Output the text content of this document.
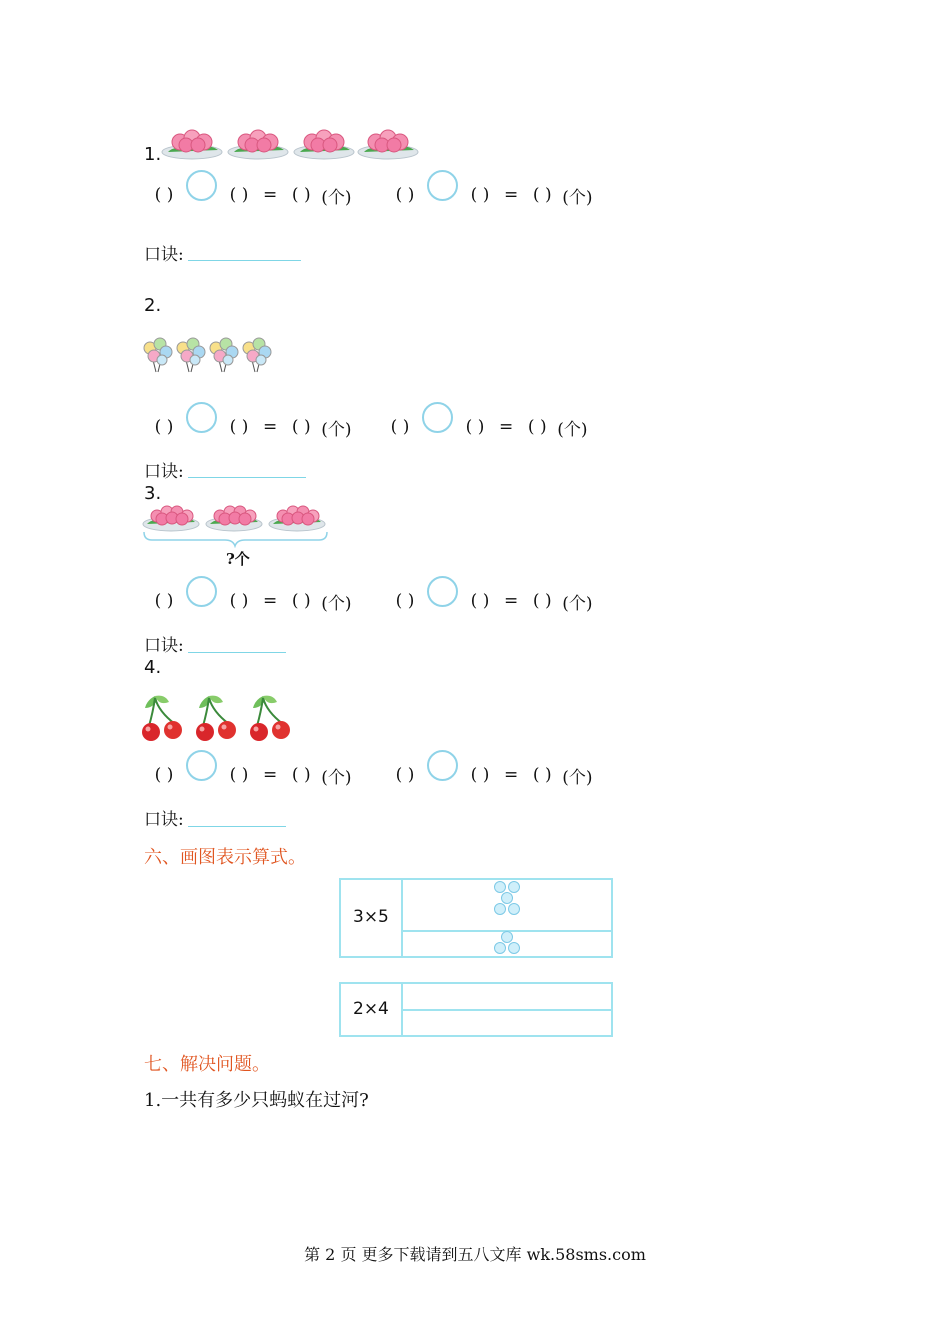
1.
( )	( ) = ( ) (个)	( )	( ) = ( ) (个)
口诀:
2.
( )	( ) = ( ) (个)	( )	( ) = ( ) (个)
口诀:
3.
?个
( )	( ) = ( ) (个)	( )	( ) = ( ) (个)
口诀:
4.
( )	( ) = ( ) (个)	( )	( ) = ( ) (个)
口诀:
六、画图表示算式。
3×5
2×4
七、解决问题。
1.一共有多少只蚂蚁在过河?
第 2 页 更多下载请到五八文库 wk.58sms.com
